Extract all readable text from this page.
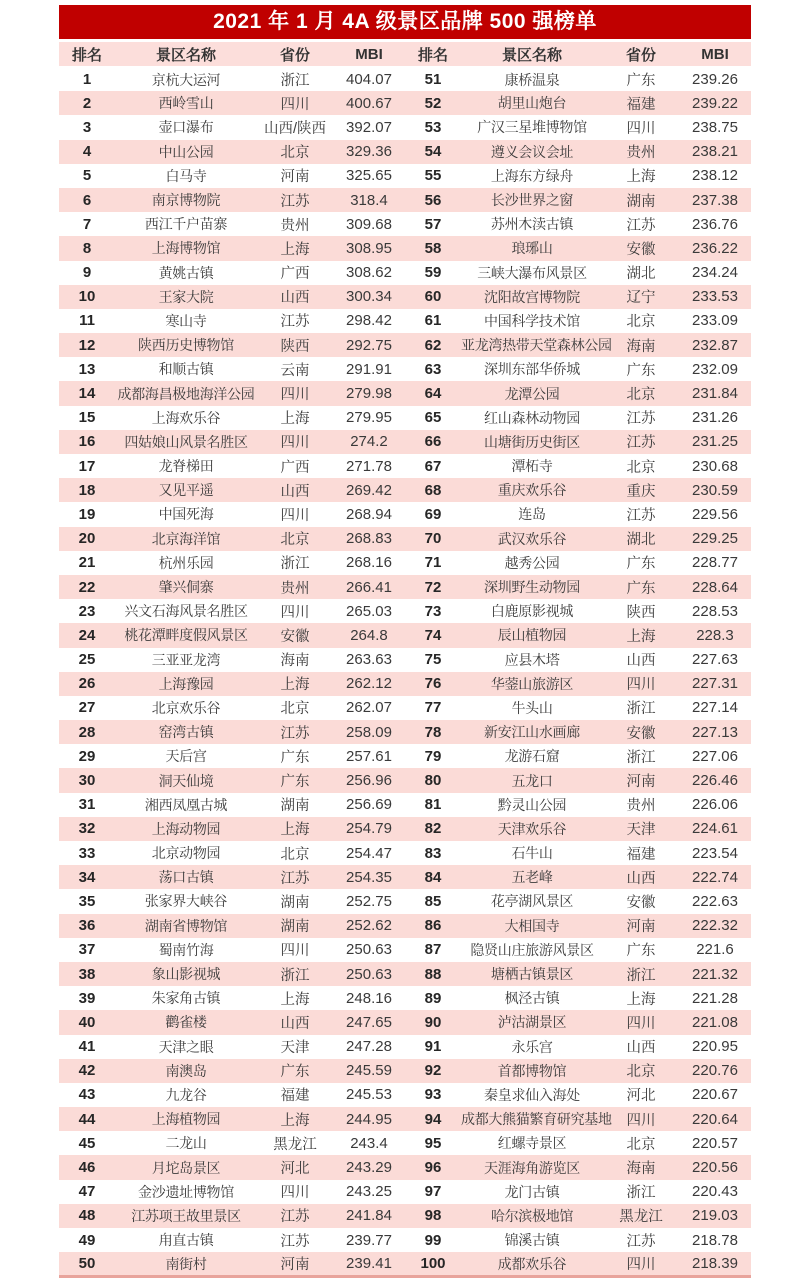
2021 年 1 月 4A 级景区品牌 500 强榜单
排名	景区名称	省份	MBI	排名	景区名称	省份	MBI
1	京杭大运河	浙江	404.07	51	康桥温泉	广东	239.26
2	西岭雪山	四川	400.67	52	胡里山炮台	福建	239.22
3	壶口瀑布	山西/陕西	392.07	53	广汉三星堆博物馆	四川	238.75
4	中山公园	北京	329.36	54	遵义会议会址	贵州	238.21
5	白马寺	河南	325.65	55	上海东方绿舟	上海	238.12
6	南京博物院	江苏	318.4	56	长沙世界之窗	湖南	237.38
7	西江千户苗寨	贵州	309.68	57	苏州木渎古镇	江苏	236.76
8	上海博物馆	上海	308.95	58	琅琊山	安徽	236.22
9	黄姚古镇	广西	308.62	59	三峡大瀑布风景区	湖北	234.24
10	王家大院	山西	300.34	60	沈阳故宫博物院	辽宁	233.53
11	寒山寺	江苏	298.42	61	中国科学技术馆	北京	233.09
12	陕西历史博物馆	陕西	292.75	62	亚龙湾热带天堂森林公园	海南	232.87
13	和顺古镇	云南	291.91	63	深圳东部华侨城	广东	232.09
14	成都海昌极地海洋公园	四川	279.98	64	龙潭公园	北京	231.84
15	上海欢乐谷	上海	279.95	65	红山森林动物园	江苏	231.26
16	四姑娘山风景名胜区	四川	274.2	66	山塘街历史街区	江苏	231.25
17	龙脊梯田	广西	271.78	67	潭柘寺	北京	230.68
18	又见平遥	山西	269.42	68	重庆欢乐谷	重庆	230.59
19	中国死海	四川	268.94	69	连岛	江苏	229.56
20	北京海洋馆	北京	268.83	70	武汉欢乐谷	湖北	229.25
21	杭州乐园	浙江	268.16	71	越秀公园	广东	228.77
22	肇兴侗寨	贵州	266.41	72	深圳野生动物园	广东	228.64
23	兴文石海风景名胜区	四川	265.03	73	白鹿原影视城	陕西	228.53
24	桃花潭畔度假风景区	安徽	264.8	74	辰山植物园	上海	228.3
25	三亚亚龙湾	海南	263.63	75	应县木塔	山西	227.63
26	上海豫园	上海	262.12	76	华蓥山旅游区	四川	227.31
27	北京欢乐谷	北京	262.07	77	牛头山	浙江	227.14
28	窑湾古镇	江苏	258.09	78	新安江山水画廊	安徽	227.13
29	天后宫	广东	257.61	79	龙游石窟	浙江	227.06
30	洞天仙境	广东	256.96	80	五龙口	河南	226.46
31	湘西凤凰古城	湖南	256.69	81	黔灵山公园	贵州	226.06
32	上海动物园	上海	254.79	82	天津欢乐谷	天津	224.61
33	北京动物园	北京	254.47	83	石牛山	福建	223.54
34	荡口古镇	江苏	254.35	84	五老峰	山西	222.74
35	张家界大峡谷	湖南	252.75	85	花亭湖风景区	安徽	222.63
36	湖南省博物馆	湖南	252.62	86	大相国寺	河南	222.32
37	蜀南竹海	四川	250.63	87	隐贤山庄旅游风景区	广东	221.6
38	象山影视城	浙江	250.63	88	塘栖古镇景区	浙江	221.32
39	朱家角古镇	上海	248.16	89	枫泾古镇	上海	221.28
40	鹳雀楼	山西	247.65	90	泸沽湖景区	四川	221.08
41	天津之眼	天津	247.28	91	永乐宫	山西	220.95
42	南澳岛	广东	245.59	92	首都博物馆	北京	220.76
43	九龙谷	福建	245.53	93	秦皇求仙入海处	河北	220.67
44	上海植物园	上海	244.95	94	成都大熊猫繁育研究基地	四川	220.64
45	二龙山	黑龙江	243.4	95	红螺寺景区	北京	220.57
46	月坨岛景区	河北	243.29	96	天涯海角游览区	海南	220.56
47	金沙遗址博物馆	四川	243.25	97	龙门古镇	浙江	220.43
48	江苏项王故里景区	江苏	241.84	98	哈尔滨极地馆	黑龙江	219.03
49	甪直古镇	江苏	239.77	99	锦溪古镇	江苏	218.78
50	南街村	河南	239.41	100	成都欢乐谷	四川	218.39
